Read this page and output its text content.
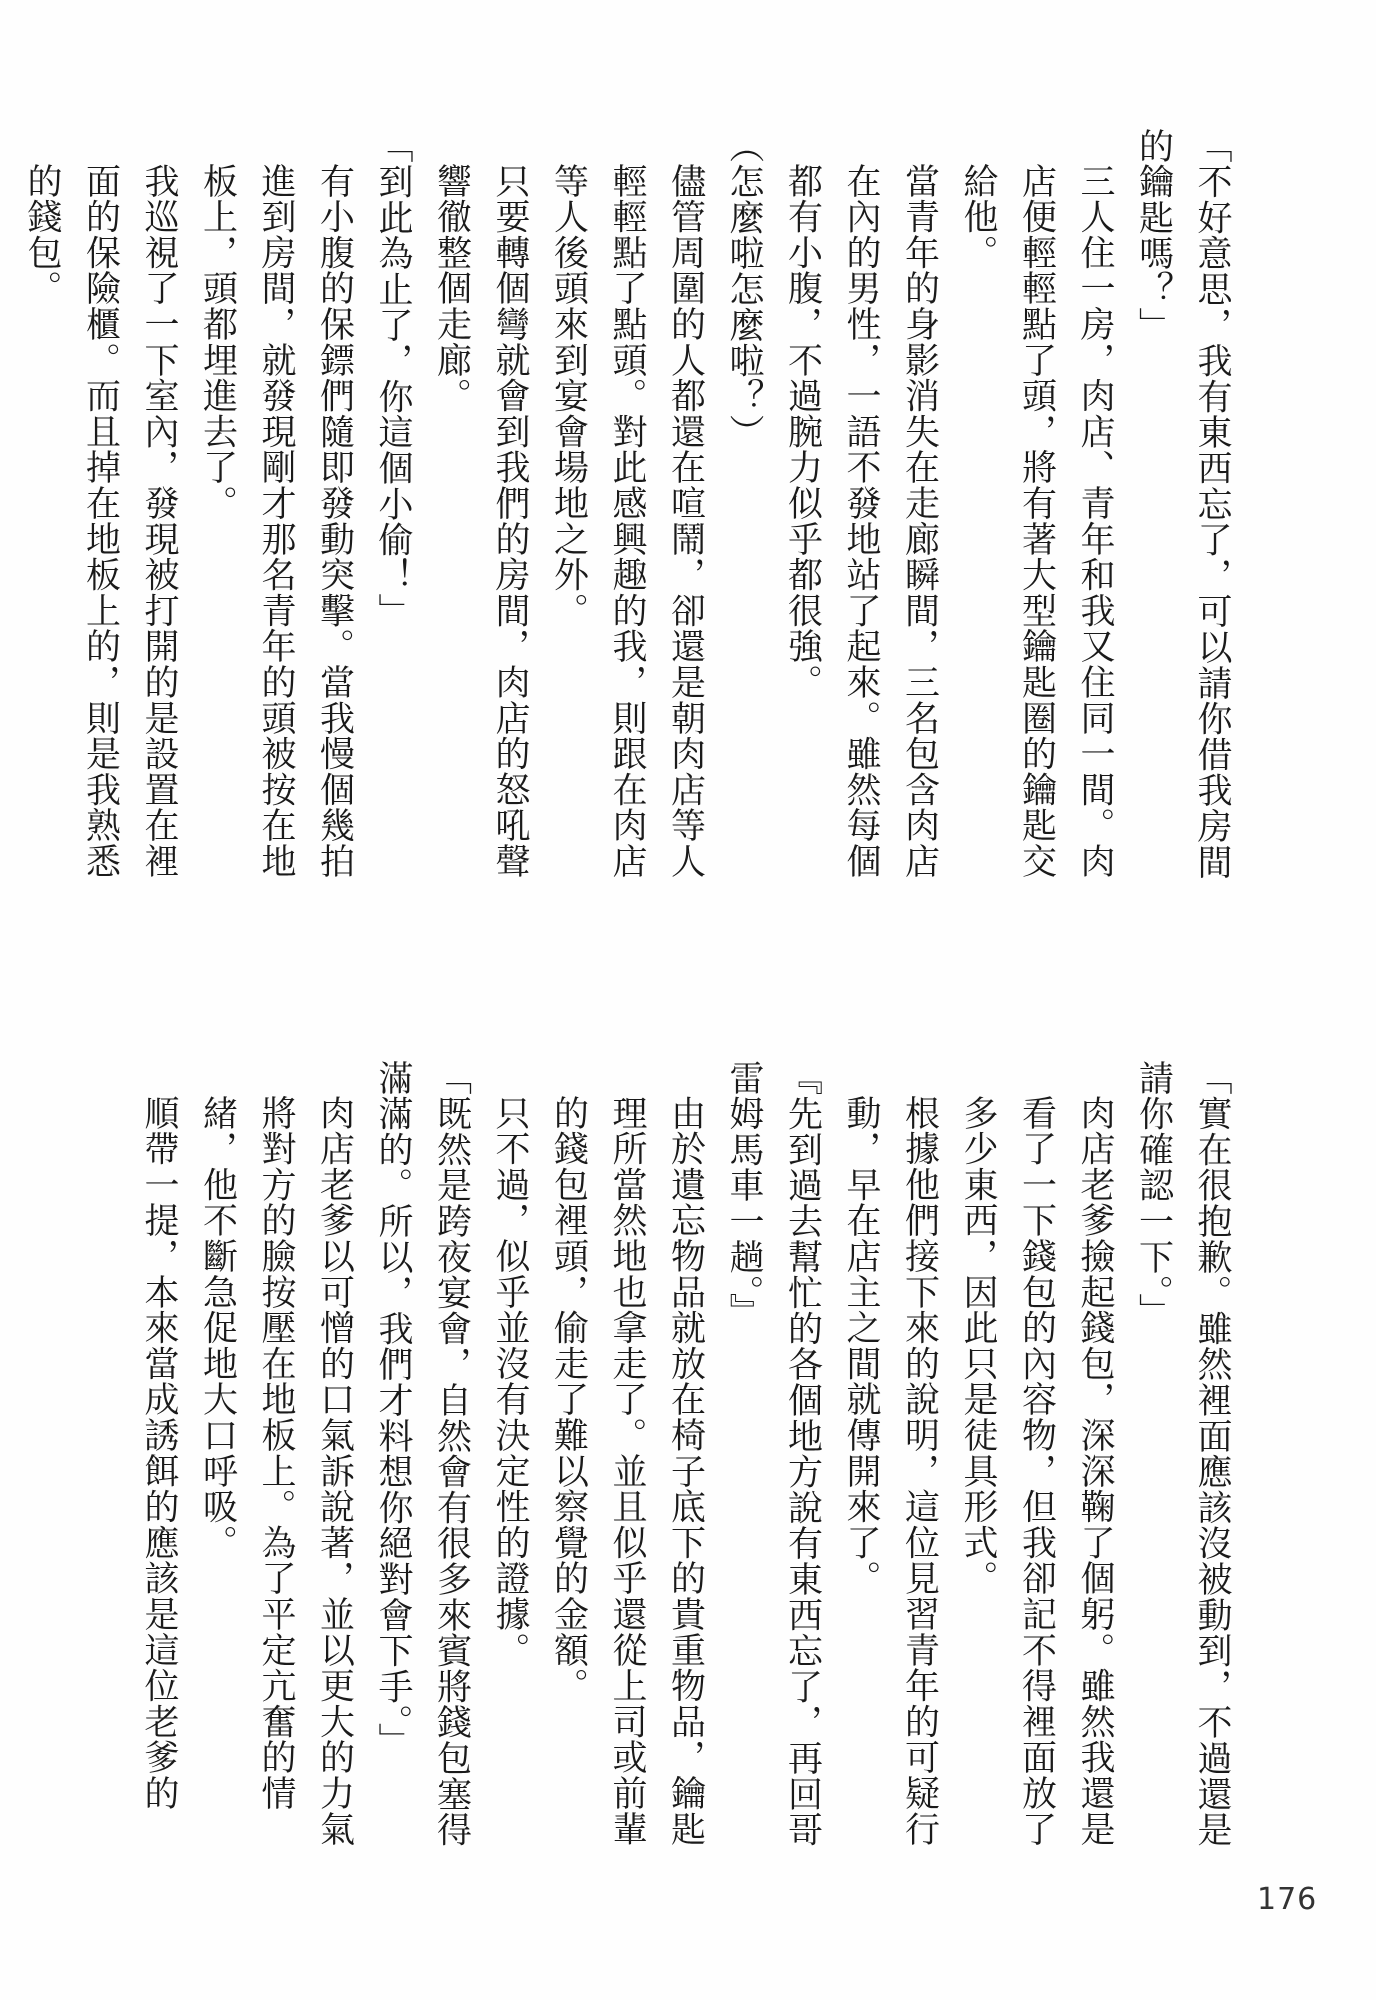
「不好意思，我有東西忘了，可以請你借我房間的鑰匙嗎？」
三人住一房，肉店、青年和我又住同一間。肉店便輕輕點了頭，將有著大型鑰匙圈的鑰匙交給他。
當青年的身影消失在走廊瞬間，三名包含肉店在內的男性，一語不發地站了起來。雖然每個都有小腹，不過腕力似乎都很強。
（怎麼啦怎麼啦？）
儘管周圍的人都還在喧鬧，卻還是朝肉店等人輕輕點了點頭。對此感興趣的我，則跟在肉店等人後頭來到宴會場地之外。
只要轉個彎就會到我們的房間，肉店的怒吼聲響徹整個走廊。
「到此為止了，你這個小偷！」
有小腹的保鏢們隨即發動突擊。當我慢個幾拍進到房間，就發現剛才那名青年的頭被按在地板上，頭都埋進去了。
我巡視了一下室內，發現被打開的是設置在裡面的保險櫃。而且掉在地板上的，則是我熟悉的錢包。
「實在很抱歉。雖然裡面應該沒被動到，不過還是請你確認一下。」
肉店老爹撿起錢包，深深鞠了個躬。雖然我還是看了一下錢包的內容物，但我卻記不得裡面放了多少東西，因此只是徒具形式。
根據他們接下來的說明，這位見習青年的可疑行動，早在店主之間就傳開來了。
『先到過去幫忙的各個地方說有東西忘了，再回哥雷姆馬車一趟。』
由於遺忘物品就放在椅子底下的貴重物品，鑰匙理所當然地也拿走了。並且似乎還從上司或前輩的錢包裡頭，偷走了難以察覺的金額。
只不過，似乎並沒有決定性的證據。
「既然是跨夜宴會，自然會有很多來賓將錢包塞得滿滿的。所以，我們才料想你絕對會下手。」
肉店老爹以可憎的口氣訴說著，並以更大的力氣將對方的臉按壓在地板上。為了平定亢奮的情緒，他不斷急促地大口呼吸。
順帶一提，本來當成誘餌的應該是這位老爹的
176
